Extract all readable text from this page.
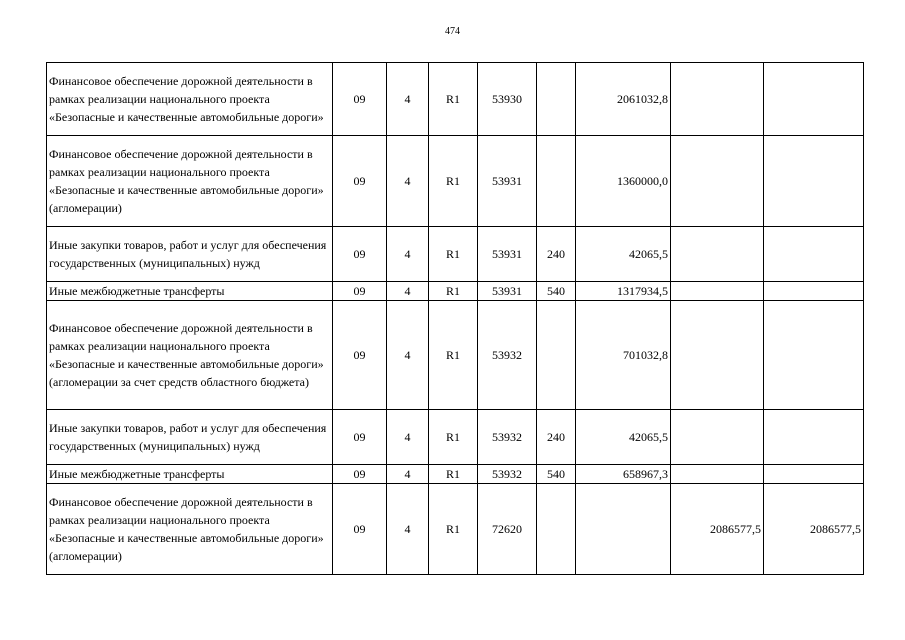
474
Финансовое обеспечение дорожной деятельности в рамках реализации национального проекта «Безопасные и качественные автомобильные дороги»	09	4	R1	53930		2061032,8		
Финансовое обеспечение дорожной деятельности в рамках реализации национального проекта «Безопасные и качественные автомобильные дороги» (агломерации)	09	4	R1	53931		1360000,0		
Иные закупки товаров, работ и услуг для обеспечения государственных (муниципальных) нужд	09	4	R1	53931	240	42065,5		
Иные межбюджетные трансферты	09	4	R1	53931	540	1317934,5		
Финансовое обеспечение дорожной деятельности в рамках реализации национального проекта «Безопасные и качественные автомобильные дороги» (агломерации за счет средств областного бюджета)	09	4	R1	53932		701032,8		
Иные закупки товаров, работ и услуг для обеспечения государственных (муниципальных) нужд	09	4	R1	53932	240	42065,5		
Иные межбюджетные трансферты	09	4	R1	53932	540	658967,3		
Финансовое обеспечение дорожной деятельности в рамках реализации национального проекта «Безопасные и качественные автомобильные дороги» (агломерации)	09	4	R1	72620			2086577,5	2086577,5
